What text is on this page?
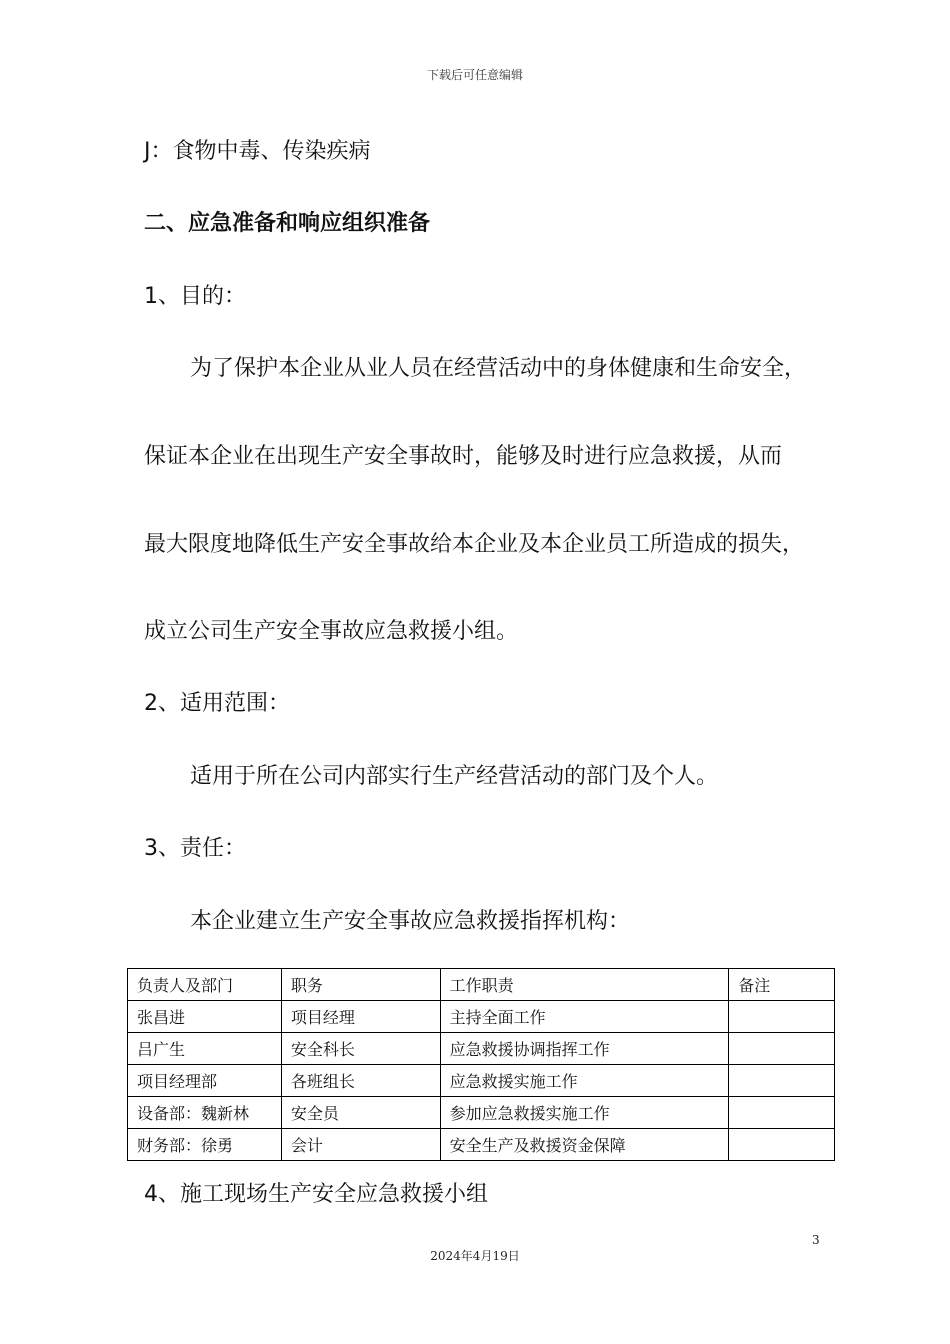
下载后可任意编辑
J：食物中毒、传染疾病
二、应急准备和响应组织准备
1、目的：
为了保护本企业从业人员在经营活动中的身体健康和生命安全，
保证本企业在出现生产安全事故时，能够及时进行应急救援，从而
最大限度地降低生产安全事故给本企业及本企业员工所造成的损失，
成立公司生产安全事故应急救援小组。
2、适用范围：
适用于所在公司内部实行生产经营活动的部门及个人。
3、责任：
本企业建立生产安全事故应急救援指挥机构：
负责人及部门	职务	工作职责	备注
张昌进	项目经理	主持全面工作	
吕广生	安全科长	应急救援协调指挥工作	
项目经理部	各班组长	应急救援实施工作	
设备部：魏新林	安全员	参加应急救援实施工作	
财务部：徐勇	会计	安全生产及救援资金保障	
4、施工现场生产安全应急救援小组
3
2024年4月19日
